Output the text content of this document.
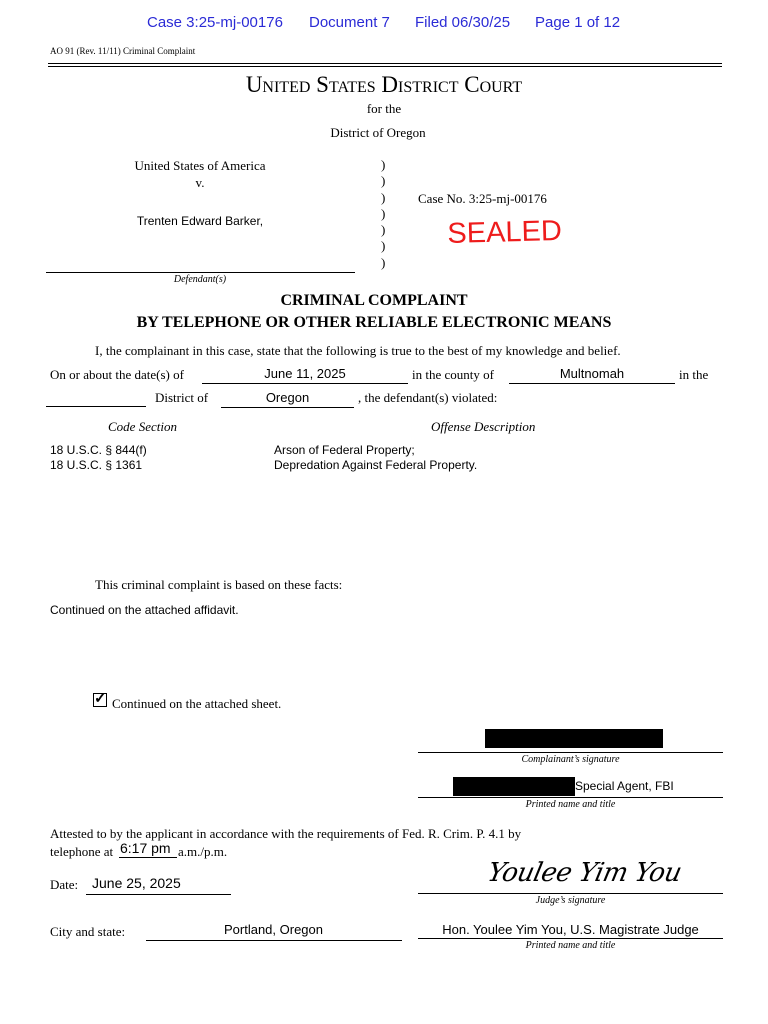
Case 3:25-mj-00176 Document 7 Filed 06/30/25 Page 1 of 12
AO 91 (Rev. 11/11) Criminal Complaint
United States District Court
for the
District of Oregon
United States of America
v.
Trenten Edward Barker,
Defendant(s)
)
)
)
)
)
)
)
Case No. 3:25-mj-00176
SEALED
CRIMINAL COMPLAINT
BY TELEPHONE OR OTHER RELIABLE ELECTRONIC MEANS
I, the complainant in this case, state that the following is true to the best of my knowledge and belief.
On or about the date(s) of	June 11, 2025	in the county of	Multnomah	in the
District of	Oregon	, the defendant(s) violated:
Code Section	Offense Description
18 U.S.C. § 844(f)	Arson of Federal Property;
18 U.S.C. § 1361	Depredation Against Federal Property.
This criminal complaint is based on these facts:
Continued on the attached affidavit.
✓ Continued on the attached sheet.
Complainant’s signature
Special Agent, FBI
Printed name and title
Attested to by the applicant in accordance with the requirements of Fed. R. Crim. P. 4.1 by
telephone at 6:17 pm a.m./p.m.
Date: June 25, 2025	Youlee Yim You
Judge’s signature
City and state:	Portland, Oregon	Hon. Youlee Yim You, U.S. Magistrate Judge
Printed name and title
